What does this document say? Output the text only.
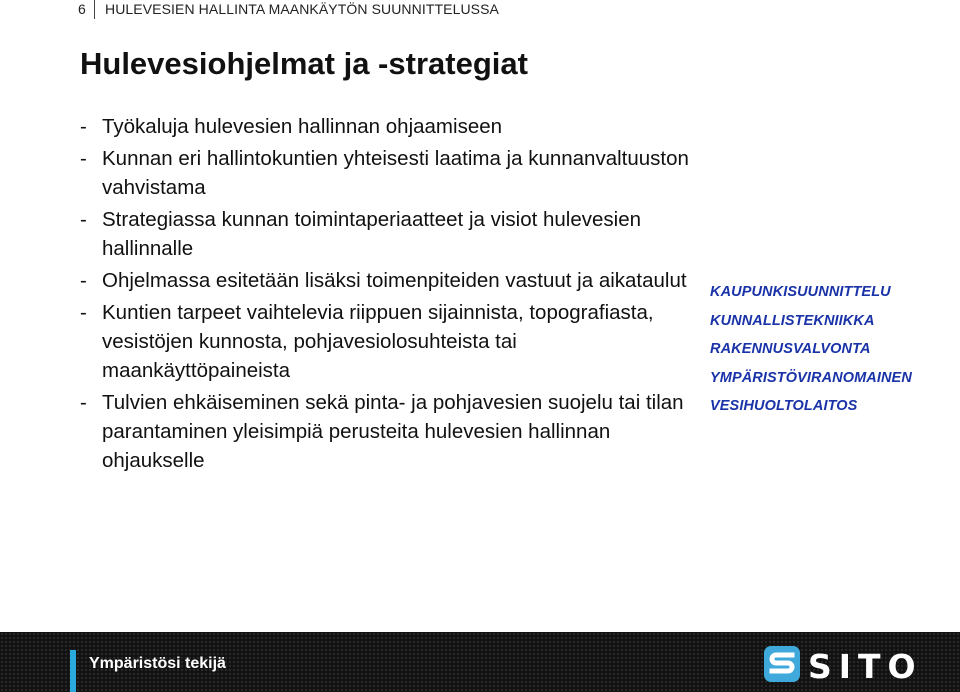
6 HULEVESIEN HALLINTA MAANKÄYTÖN SUUNNITTELUSSA
Hulevesiohjelmat ja -strategiat
- Työkaluja hulevesien hallinnan ohjaamiseen
- Kunnan eri hallintokuntien yhteisesti laatima ja kunnanvaltuuston vahvistama
- Strategiassa kunnan toimintaperiaatteet ja visiot hulevesien hallinnalle
- Ohjelmassa esitetään lisäksi toimenpiteiden vastuut ja aikataulut
- Kuntien tarpeet vaihtelevia riippuen sijainnista, topografiasta, vesistöjen kunnosta, pohjavesiolosuhteista tai maankäyttöpaineista
- Tulvien ehkäiseminen sekä pinta- ja pohjavesien suojelu tai tilan parantaminen yleisimpiä perusteita hulevesien hallinnan ohjaukselle
KAUPUNKISUUNNITTELU
KUNNALLISTEKNIIKKA
RAKENNUSVALVONTA
YMPÄRISTÖVIRANOMAINEN
VESIHUOLTOLAITOS
Ympäristösi tekijä	SITO
